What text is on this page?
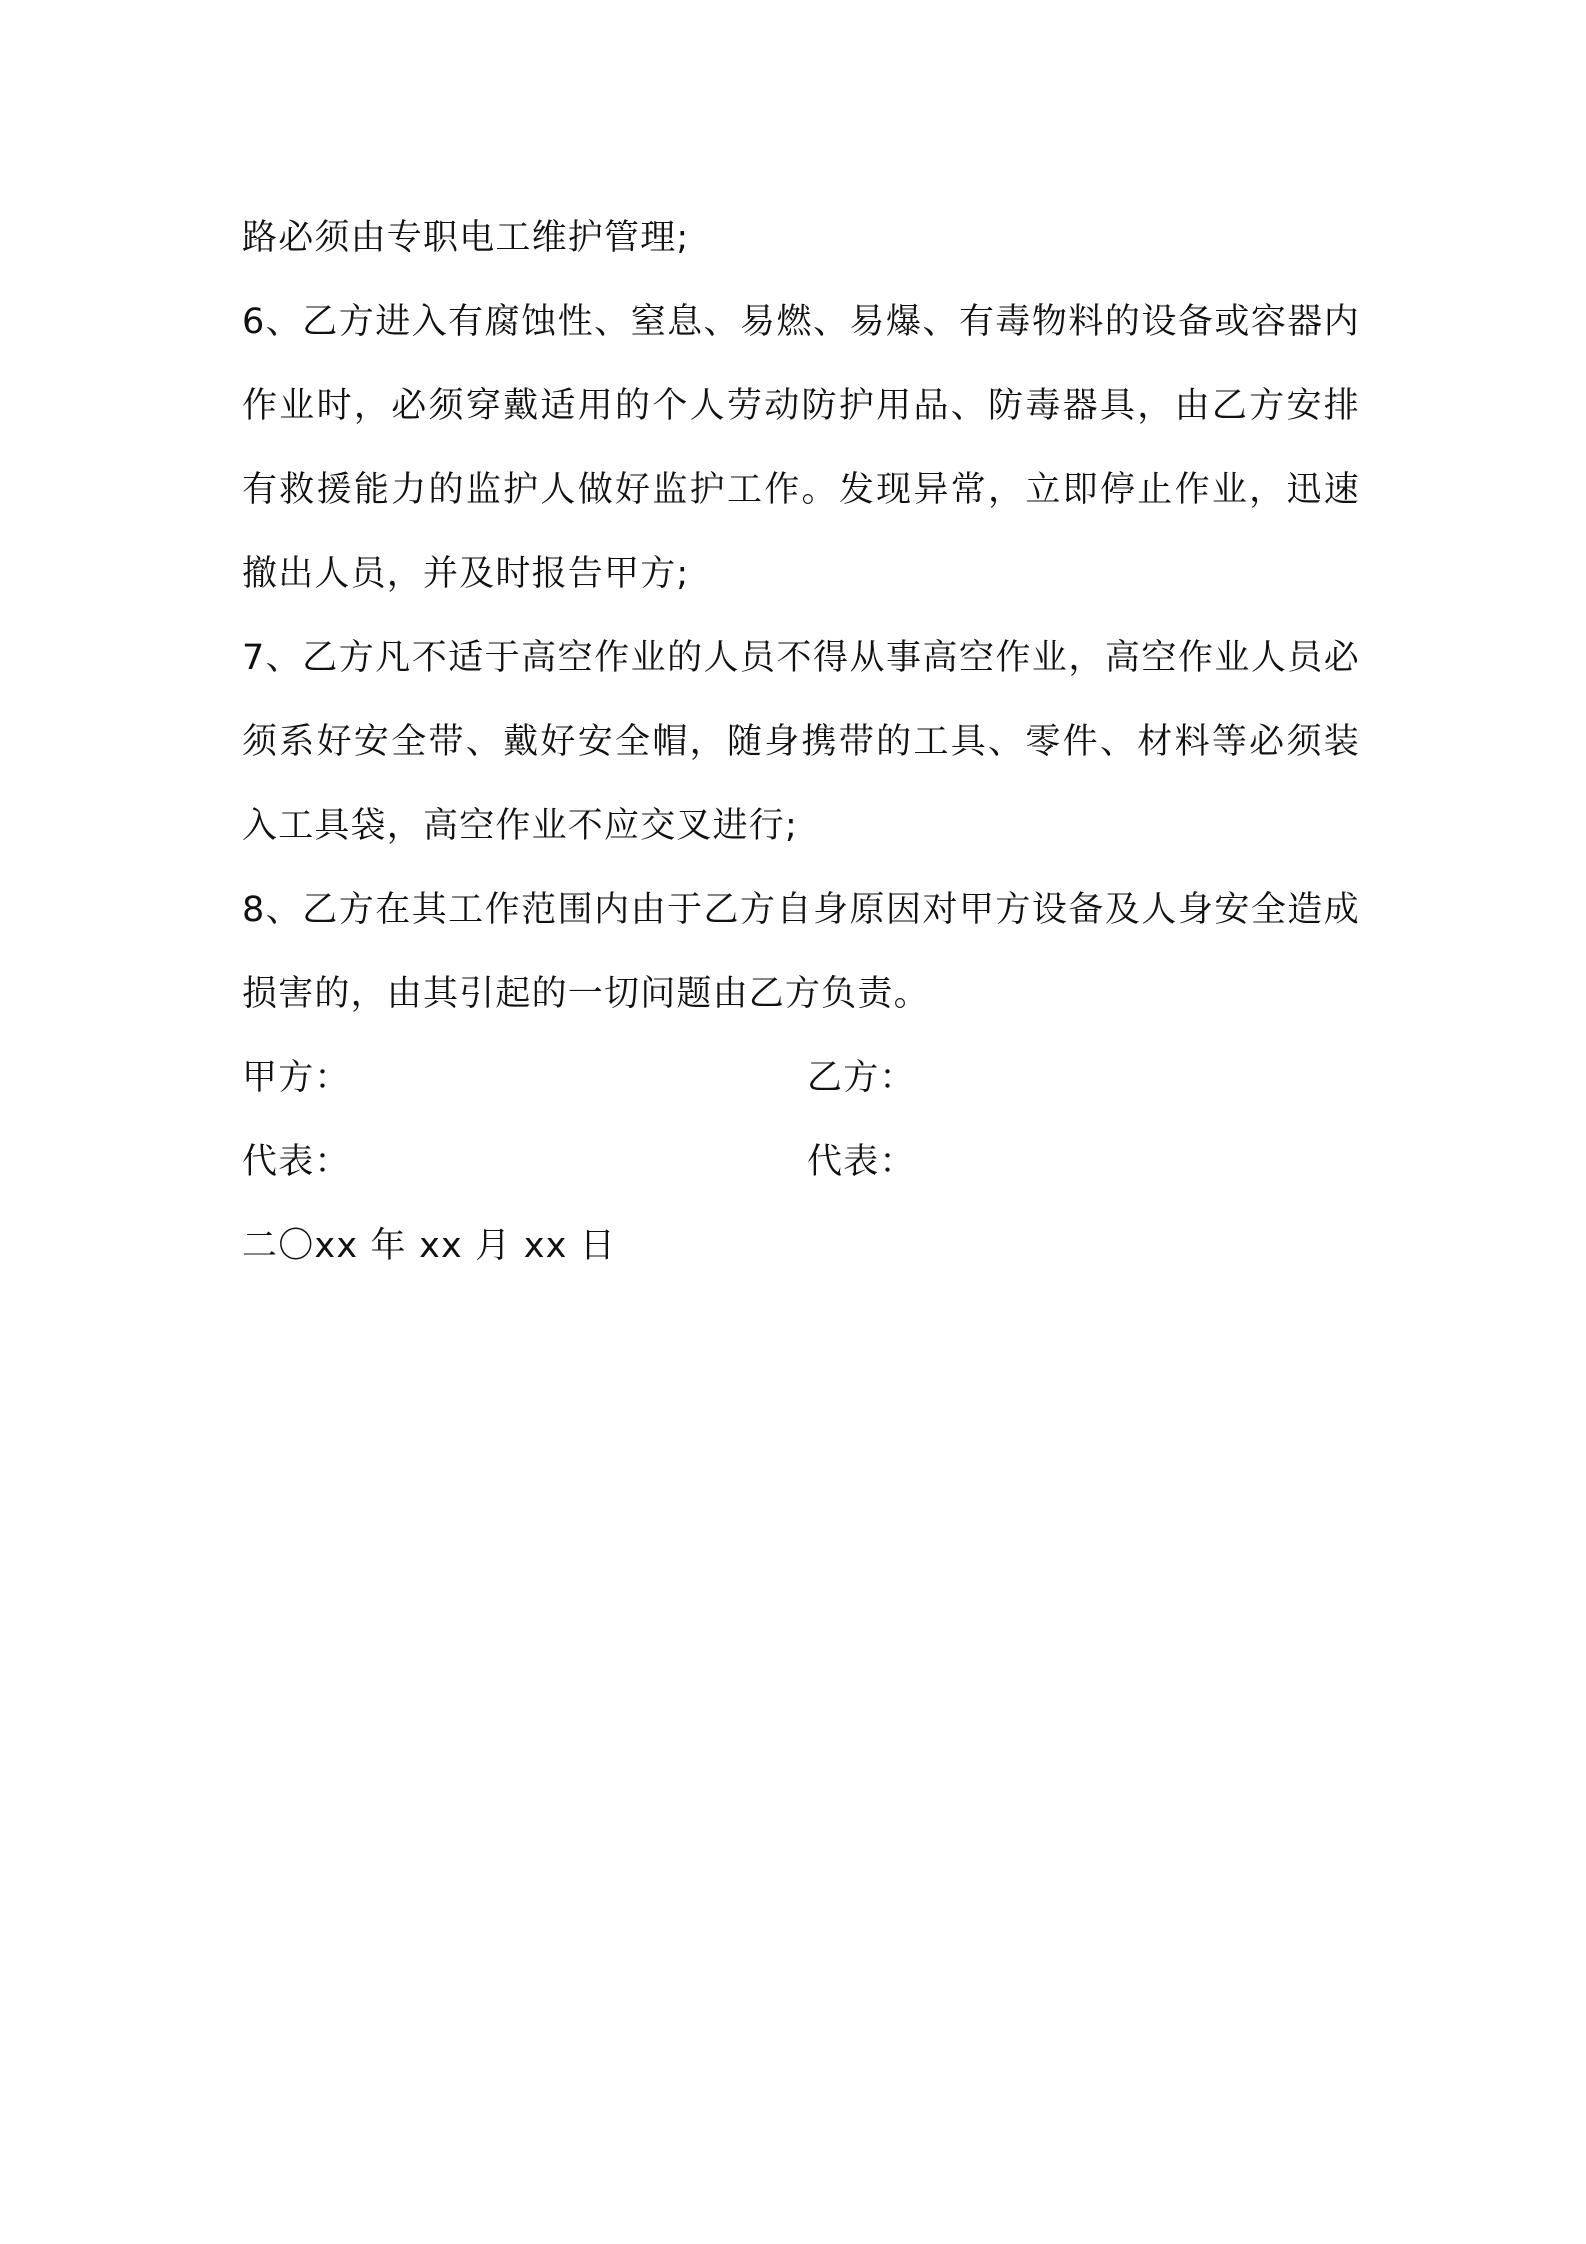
路必须由专职电工维护管理;

6、乙方进入有腐蚀性、窒息、易燃、易爆、有毒物料的设备或容器内作业时，必须穿戴适用的个人劳动防护用品、防毒器具，由乙方安排有救援能力的监护人做好监护工作。发现异常，立即停止作业，迅速撤出人员，并及时报告甲方;

7、乙方凡不适于高空作业的人员不得从事高空作业，高空作业人员必须系好安全带、戴好安全帽，随身携带的工具、零件、材料等必须装入工具袋，高空作业不应交叉进行;

8、乙方在其工作范围内由于乙方自身原因对甲方设备及人身安全造成损害的，由其引起的一切问题由乙方负责。

甲方：	乙方：
代表：	代表：
二〇xx 年 xx 月 xx 日
